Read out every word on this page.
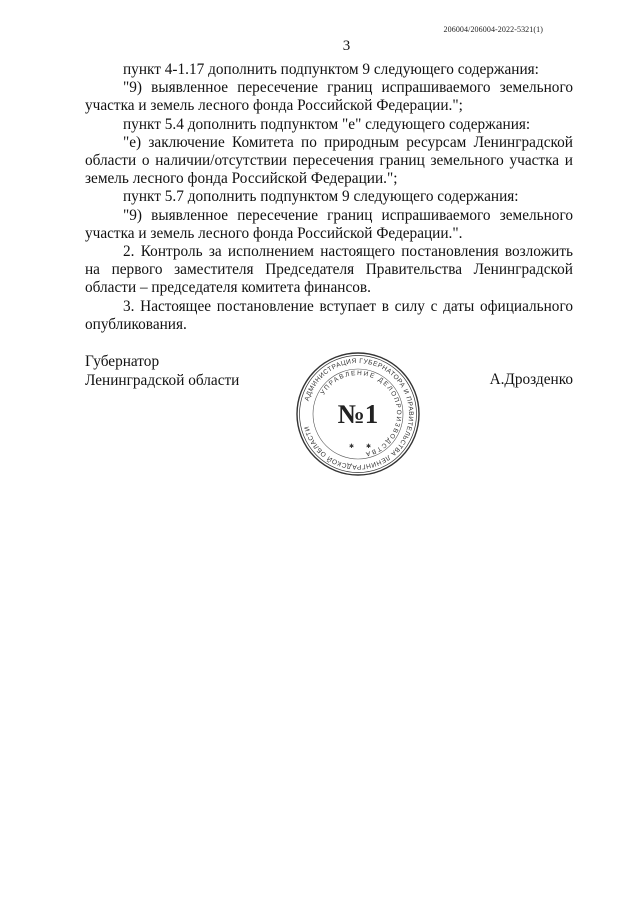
206004/206004-2022-5321(1)
3

пункт 4-1.17 дополнить подпунктом 9 следующего содержания:

"9) выявленное пересечение границ испрашиваемого земельного участка и земель лесного фонда Российской Федерации.";

пункт 5.4 дополнить подпунктом "е" следующего содержания:

"е) заключение Комитета по природным ресурсам Ленинградской области о наличии/отсутствии пересечения границ земельного участка и земель лесного фонда Российской Федерации.";

пункт 5.7 дополнить подпунктом 9 следующего содержания:

"9) выявленное пересечение границ испрашиваемого земельного участка и земель лесного фонда Российской Федерации.".

2. Контроль за исполнением настоящего постановления возложить на первого заместителя Председателя Правительства Ленинградской области – председателя комитета финансов.

3. Настоящее постановление вступает в силу с даты официального опубликования.

Губернатор
Ленинградской области	А.Дрозденко
АДМИНИСТРАЦИЯ ГУБЕРНАТОРА И ПРАВИТЕЛЬСТВА ЛЕНИНГРАДСКОЙ ОБЛАСТИ
УПРАВЛЕНИЕ ДЕЛОПРОИЗВОДСТВА
№1
✱ ✱
